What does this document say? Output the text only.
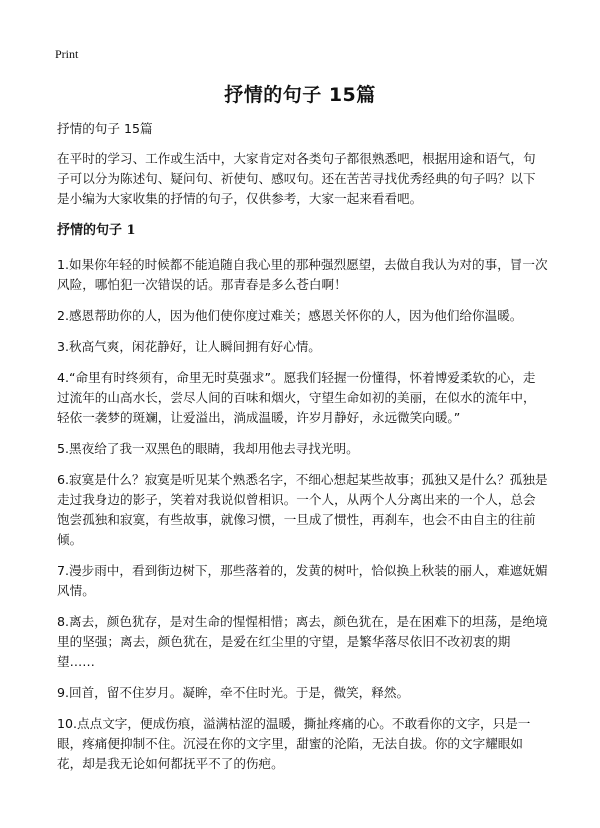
Print
抒情的句子 15篇

抒情的句子 15篇

在平时的学习、工作或生活中，大家肯定对各类句子都很熟悉吧，根据用途和语气，句子可以分为陈述句、疑问句、祈使句、感叹句。还在苦苦寻找优秀经典的句子吗？以下是小编为大家收集的抒情的句子，仅供参考，大家一起来看看吧。

抒情的句子 1

1.如果你年轻的时候都不能追随自我心里的那种强烈愿望，去做自我认为对的事，冒一次风险，哪怕犯一次错误的话。那青春是多么苍白啊！

2.感恩帮助你的人，因为他们使你度过难关；感恩关怀你的人，因为他们给你温暖。

3.秋高气爽，闲花静好，让人瞬间拥有好心情。

4.“命里有时终须有，命里无时莫强求”。愿我们轻握一份懂得，怀着博爱柔软的心，走过流年的山高水长，尝尽人间的百味和烟火，守望生命如初的美丽，在似水的流年中，轻依一袭梦的斑斓，让爱溢出，淌成温暖，许岁月静好，永远微笑向暖。”

5.黑夜给了我一双黑色的眼睛，我却用他去寻找光明。

6.寂寞是什么？寂寞是听见某个熟悉名字，不细心想起某些故事；孤独又是什么？孤独是走过我身边的影子，笑着对我说似曾相识。一个人，从两个人分离出来的一个人，总会饱尝孤独和寂寞，有些故事，就像习惯，一旦成了惯性，再刹车，也会不由自主的往前倾。

7.漫步雨中，看到街边树下，那些落着的，发黄的树叶，恰似换上秋装的丽人，难遮妩媚风情。

8.离去，颜色犹存，是对生命的惺惺相惜；离去，颜色犹在，是在困难下的坦荡，是绝境里的坚强；离去，颜色犹在，是爱在红尘里的守望，是繁华落尽依旧不改初衷的期望……

9.回首，留不住岁月。凝眸，牵不住时光。于是，微笑，释然。

10.点点文字，便成伤痕，溢满枯涩的温暖，撕扯疼痛的心。不敢看你的文字，只是一眼，疼痛便抑制不住。沉浸在你的文字里，甜蜜的沦陷，无法自拔。你的文字耀眼如花，却是我无论如何都抚平不了的伤疤。
